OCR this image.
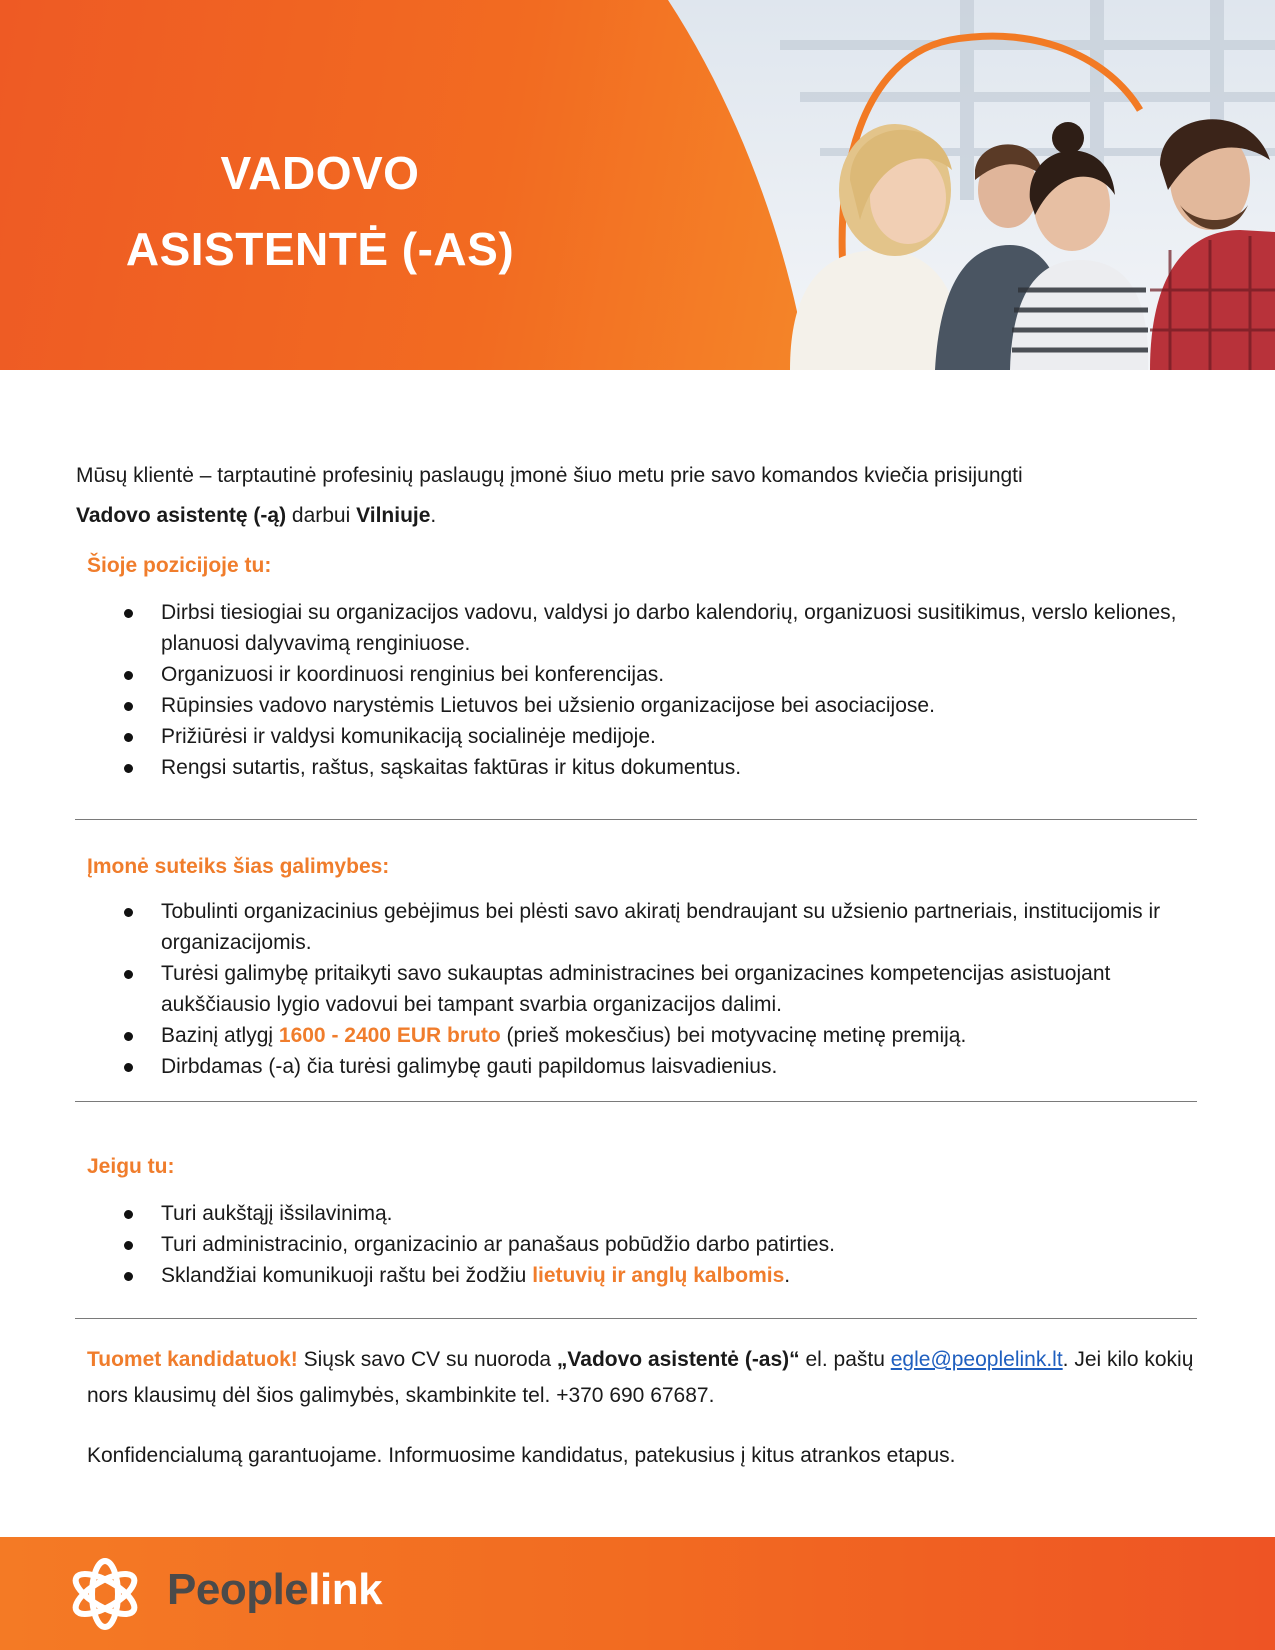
VADOVO
ASISTENTĖ (-AS)
Mūsų klientė – tarptautinė profesinių paslaugų įmonė šiuo metu prie savo komandos kviečia prisijungti
Vadovo asistentę (-ą) darbui Vilniuje.
Šioje pozicijoje tu:
Dirbsi tiesiogiai su organizacijos vadovu, valdysi jo darbo kalendorių, organizuosi susitikimus, verslo keliones, planuosi dalyvavimą renginiuose.
Organizuosi ir koordinuosi renginius bei konferencijas.
Rūpinsies vadovo narystėmis Lietuvos bei užsienio organizacijose bei asociacijose.
Prižiūrėsi ir valdysi komunikaciją socialinėje medijoje.
Rengsi sutartis, raštus, sąskaitas faktūras ir kitus dokumentus.
Įmonė suteiks šias galimybes:
Tobulinti organizacinius gebėjimus bei plėsti savo akiratį bendraujant su užsienio partneriais, institucijomis ir organizacijomis.
Turėsi galimybę pritaikyti savo sukauptas administracines bei organizacines kompetencijas asistuojant aukščiausio lygio vadovui bei tampant svarbia organizacijos dalimi.
Bazinį atlygį 1600 - 2400 EUR bruto (prieš mokesčius) bei motyvacinę metinę premiją.
Dirbdamas (-a) čia turėsi galimybę gauti papildomus laisvadienius.
Jeigu tu:
Turi aukštąjį išsilavinimą.
Turi administracinio, organizacinio ar panašaus pobūdžio darbo patirties.
Sklandžiai komunikuoji raštu bei žodžiu lietuvių ir anglų kalbomis.
Tuomet kandidatuok! Siųsk savo CV su nuoroda „Vadovo asistentė (-as)“ el. paštu egle@peoplelink.lt. Jei kilo kokių nors klausimų dėl šios galimybės, skambinkite tel. +370 690 67687.
Konfidencialumą garantuojame. Informuosime kandidatus, patekusius į kitus atrankos etapus.
Peoplelink
